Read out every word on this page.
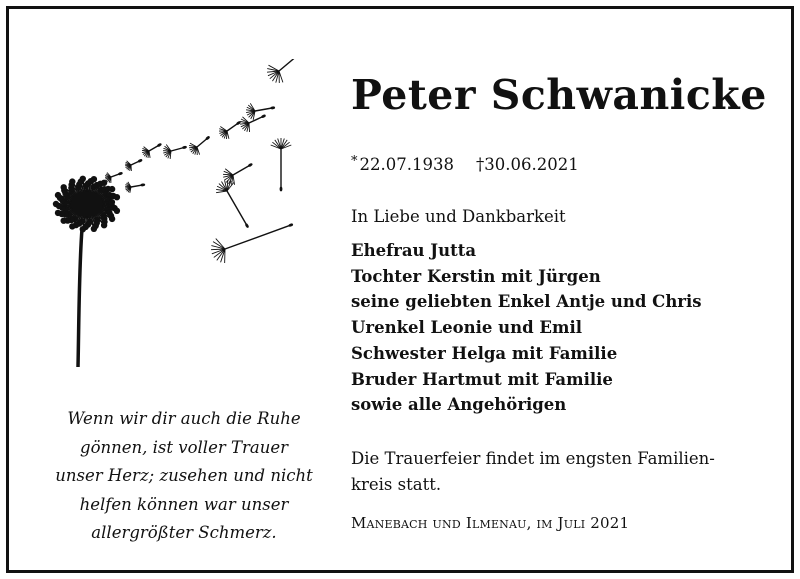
Wenn wir dir auch die Ruhe
gönnen, ist voller Trauer
unser Herz; zusehen und nicht
helfen können war unser
allergrößter Schmerz.
Peter Schwanicke
* 22.07.1938 †30.06.2021
In Liebe und Dankbarkeit
Ehefrau Jutta
Tochter Kerstin mit Jürgen
seine geliebten Enkel Antje und Chris
Urenkel Leonie und Emil
Schwester Helga mit Familie
Bruder Hartmut mit Familie
sowie alle Angehörigen
Die Trauerfeier findet im engsten Familien-
kreis statt.
Manebach und Ilmenau, im Juli 2021
